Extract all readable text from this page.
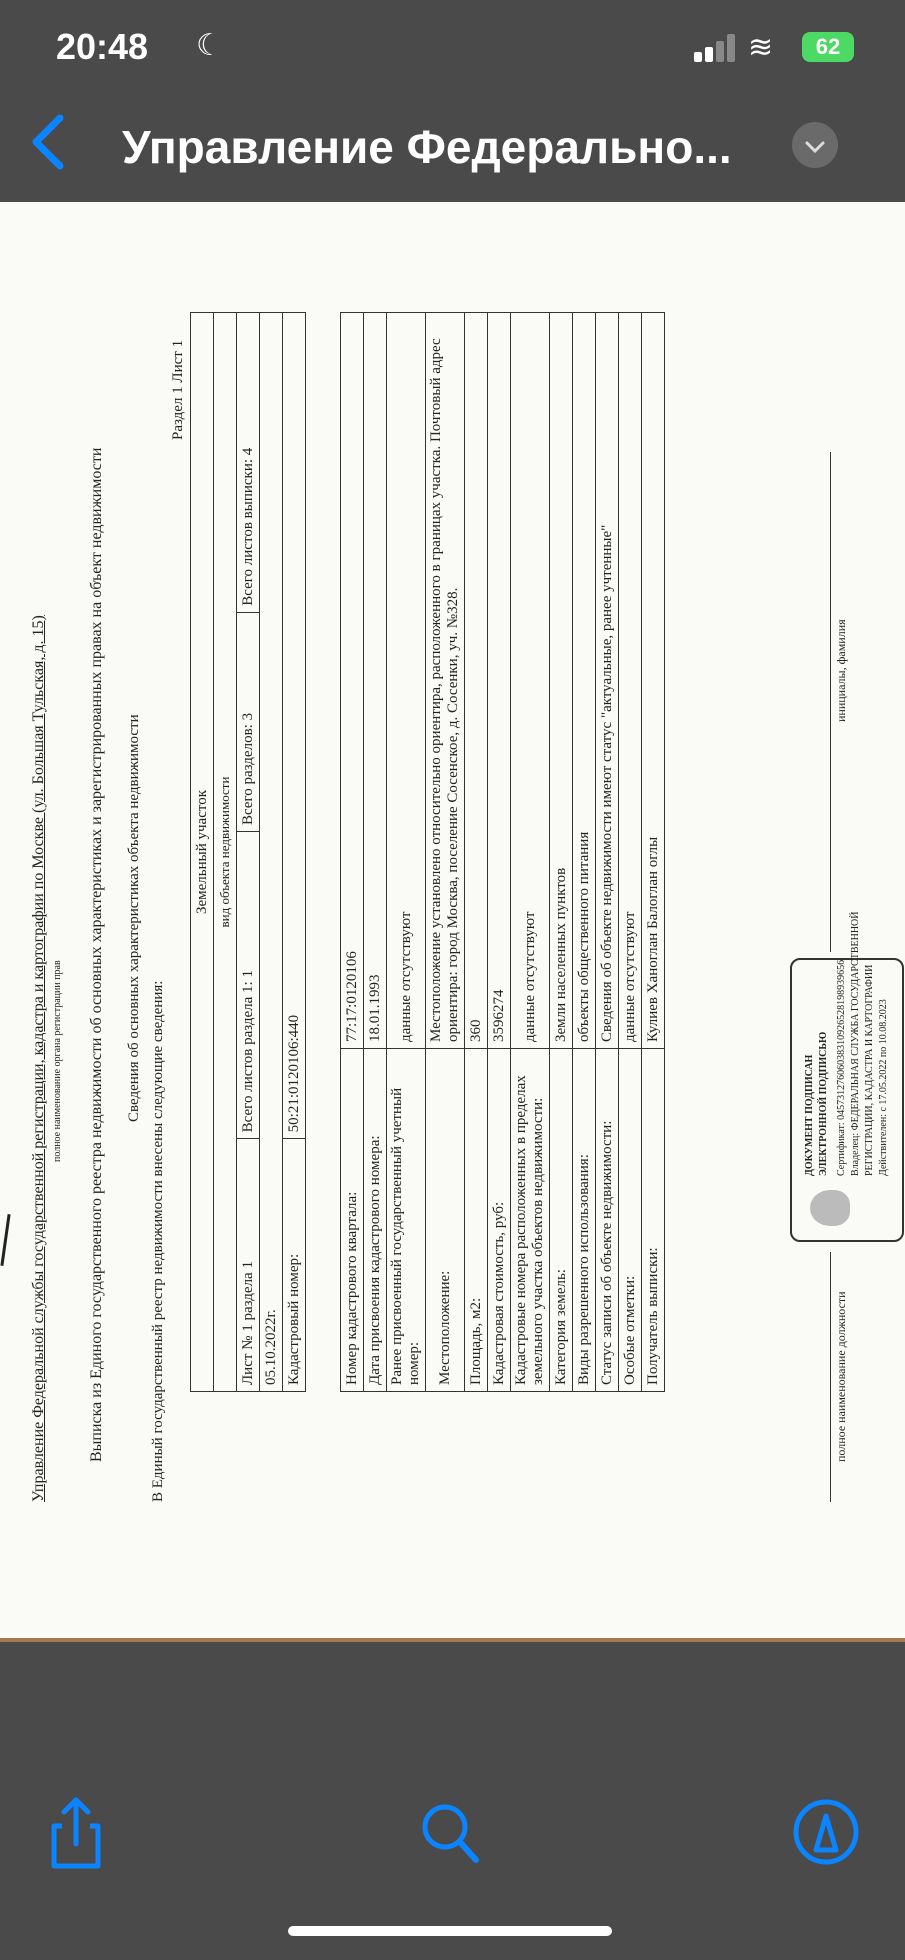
20:48 ☾	≋	62
Управление Федерально...
Управление Федеральной службы государственной регистрации, кадастра и картографии по Москве (ул. Большая Тульская, д. 15) полное наименование органа регистрации прав Выписка из Единого государственного реестра недвижимости об основных характеристиках и зарегистрированных правах на объект недвижимости Сведения об основных характеристиках объекта недвижимости
В Единый государственный реестр недвижимости внесены следующие сведения:
Раздел 1 Лист 1
Земельный участок			
вид объекта недвижимости			
Лист № 1 раздела 1	Всего листов раздела 1: 1	Всего разделов: 3	Всего листов выписки: 4
05.10.2022г.			
Кадастровый номер:	50:21:0120106:440		
Номер кадастрового квартала:	77:17:0120106
Дата присвоения кадастрового номера:	18.01.1993
Ранее присвоенный государственный учетный номер:	данные отсутствуют
Местоположение:	Местоположение установлено относительно ориентира, расположенного в границах участка. Почтовый адрес ориентира: город Москва, поселение Сосенское, д. Сосенки, уч. №328.
Площадь, м2:	360
Кадастровая стоимость, руб:	3596274
Кадастровые номера расположенных в пределах земельного участка объектов недвижимости:	данные отсутствуют
Категория земель:	Земли населенных пунктов
Виды разрешенного использования:	объекты общественного питания
Статус записи об объекте недвижимости:	Сведения об объекте недвижимости имеют статус "актуальные, ранее учтенные"
Особые отметки:	данные отсутствуют
Получатель выписки:	Кулиев Ханоглан Балоглан оглы
ДОКУМЕНТ ПОДПИСАН ЭЛЕКТРОННОЙ ПОДПИСЬЮ Сертификат: 04573127606038310926528198939656 Владелец: ФЕДЕРАЛЬНАЯ СЛУЖБА ГОСУДАРСТВЕННОЙ РЕГИСТРАЦИИ, КАДАСТРА И КАРТОГРАФИИ Действителен: с 17.05.2022 по 10.08.2023
полное наименование должности
инициалы, фамилия
